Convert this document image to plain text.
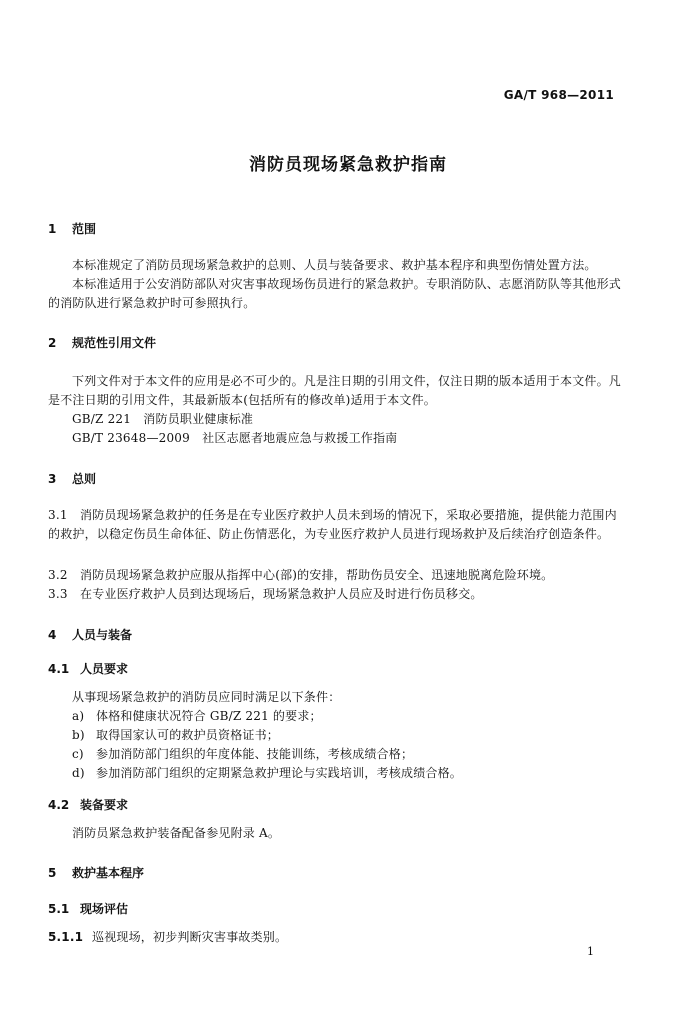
GA/T 968—2011
消防员现场紧急救护指南
1 范围
本标准规定了消防员现场紧急救护的总则、人员与装备要求、救护基本程序和典型伤情处置方法。
本标准适用于公安消防部队对灾害事故现场伤员进行的紧急救护。专职消防队、志愿消防队等其他形式的消防队进行紧急救护时可参照执行。
2 规范性引用文件
下列文件对于本文件的应用是必不可少的。凡是注日期的引用文件，仅注日期的版本适用于本文件。凡是不注日期的引用文件，其最新版本(包括所有的修改单)适用于本文件。
GB/Z 221　消防员职业健康标准
GB/T 23648—2009　社区志愿者地震应急与救援工作指南
3 总则
3.1 消防员现场紧急救护的任务是在专业医疗救护人员未到场的情况下，采取必要措施，提供能力范围内的救护，以稳定伤员生命体征、防止伤情恶化，为专业医疗救护人员进行现场救护及后续治疗创造条件。
3.2 消防员现场紧急救护应服从指挥中心(部)的安排，帮助伤员安全、迅速地脱离危险环境。
3.3 在专业医疗救护人员到达现场后，现场紧急救护人员应及时进行伤员移交。
4 人员与装备
4.1 人员要求
从事现场紧急救护的消防员应同时满足以下条件：
a) 体格和健康状况符合 GB/Z 221 的要求；
b) 取得国家认可的救护员资格证书；
c) 参加消防部门组织的年度体能、技能训练，考核成绩合格；
d) 参加消防部门组织的定期紧急救护理论与实践培训，考核成绩合格。
4.2 装备要求
消防员紧急救护装备配备参见附录 A。
5 救护基本程序
5.1 现场评估
5.1.1 巡视现场，初步判断灾害事故类别。
1
